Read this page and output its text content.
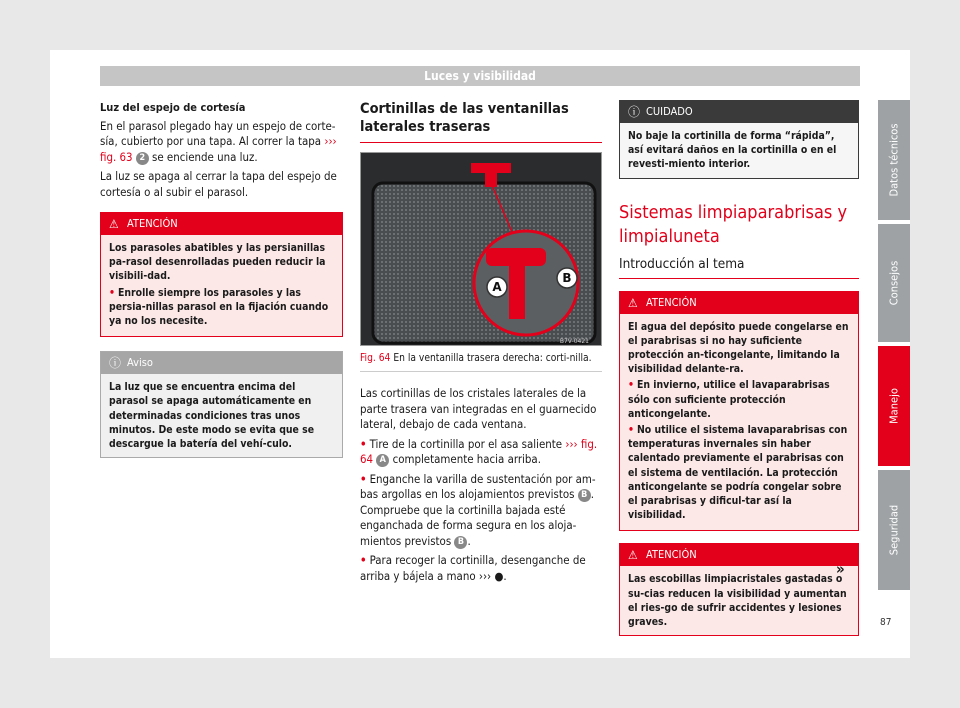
Luces y visibilidad
Luz del espejo de cortesía

En el parasol plegado hay un espejo de corte-sía, cubierto por una tapa. Al correr la tapa ››› fig. 63 2 se enciende una luz.

La luz se apaga al cerrar la tapa del espejo de cortesía o al subir el parasol.

⚠ ATENCIÓN
Los parasoles abatibles y las persianillas pa-rasol desenrolladas pueden reducir la visibili-dad.
• Enrolle siempre los parasoles y las persia-nillas parasol en la fijación cuando ya no los necesite.
ⓘ Aviso
La luz que se encuentra encima del parasol se apaga automáticamente en determinadas condiciones tras unos minutos. De este modo se evita que se descargue la batería del vehí-culo.
Cortinillas de las ventanillas laterales traseras
A
B
B7V-0421
Fig. 64 En la ventanilla trasera derecha: corti-nilla.

Las cortinillas de los cristales laterales de la parte trasera van integradas en el guarnecido lateral, debajo de cada ventana.

• Tire de la cortinilla por el asa saliente ››› fig. 64 A completamente hacia arriba.

• Enganche la varilla de sustentación por am-bas argollas en los alojamientos previstos B . Compruebe que la cortinilla bajada esté enganchada de forma segura en los aloja-mientos previstos B .

• Para recoger la cortinilla, desenganche de arriba y bájela a mano ››› ●.

ⓘ CUIDADO
No baje la cortinilla de forma “rápida”, así evitará daños en la cortinilla o en el revesti-miento interior.
Sistemas limpiaparabrisas y limpialuneta
Introducción al tema
⚠ ATENCIÓN
El agua del depósito puede congelarse en el parabrisas si no hay suficiente protección an-ticongelante, limitando la visibilidad delante-ra.
• En invierno, utilice el lavaparabrisas sólo con suficiente protección anticongelante.
• No utilice el sistema lavaparabrisas con temperaturas invernales sin haber calentado previamente el parabrisas con el sistema de ventilación. La protección anticongelante se podría congelar sobre el parabrisas y dificul-tar así la visibilidad.
⚠ ATENCIÓN
Las escobillas limpiacristales gastadas o su-cias reducen la visibilidad y aumentan el ries-go de sufrir accidentes y lesiones graves.
»
Datos técnicos
Consejos
Manejo
Seguridad
87
